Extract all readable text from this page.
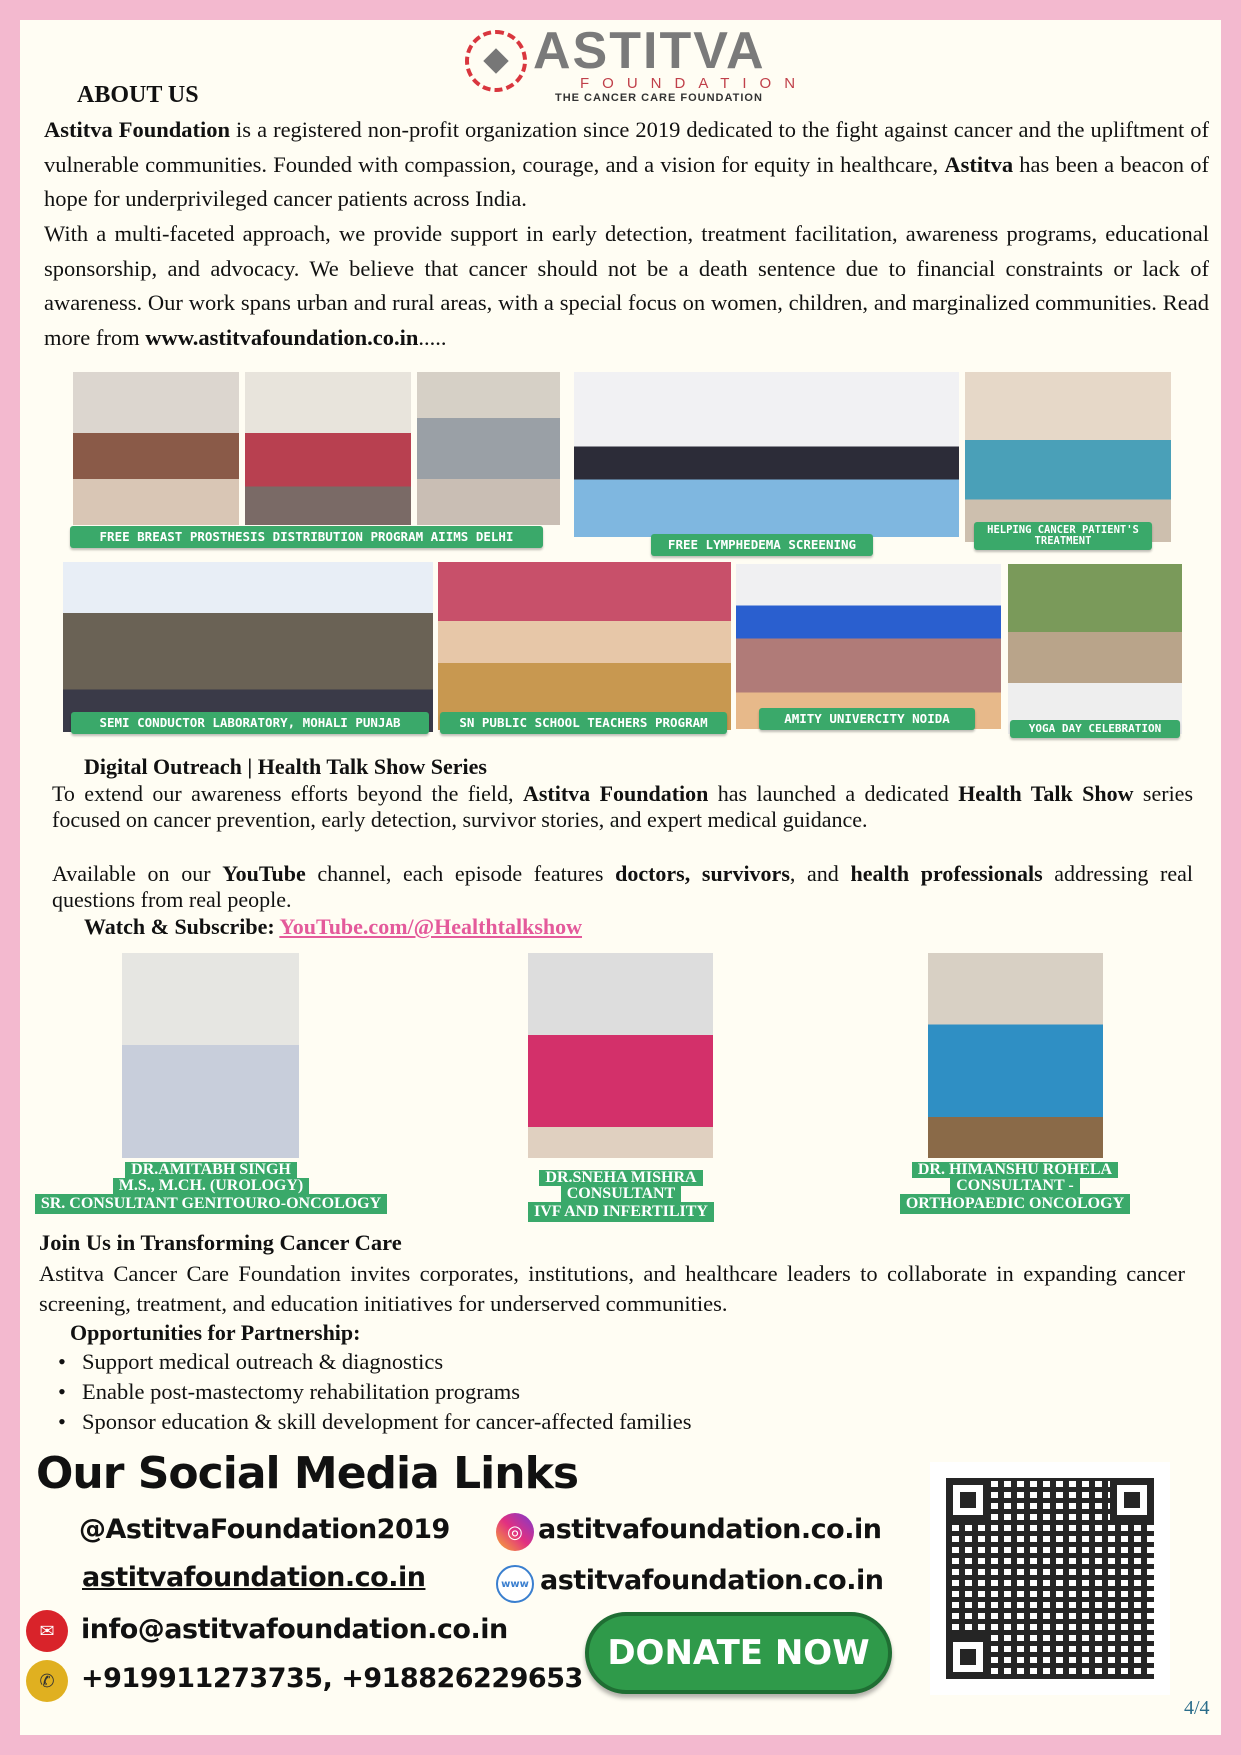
ASTITVA
FOUNDATION
THE CANCER CARE FOUNDATION
ABOUT US
Astitva Foundation is a registered non-profit organization since 2019 dedicated to the fight against cancer and the upliftment of vulnerable communities. Founded with compassion, courage, and a vision for equity in healthcare, Astitva has been a beacon of hope for underprivileged cancer patients across India.
With a multi-faceted approach, we provide support in early detection, treatment facilitation, awareness programs, educational sponsorship, and advocacy. We believe that cancer should not be a death sentence due to financial constraints or lack of awareness. Our work spans urban and rural areas, with a special focus on women, children, and marginalized communities. Read more from www.astitvafoundation.co.in.....
FREE BREAST PROSTHESIS DISTRIBUTION PROGRAM AIIMS DELHI
FREE LYMPHEDEMA SCREENING
HELPING CANCER PATIENT'S TREATMENT
SEMI CONDUCTOR LABORATORY, MOHALI PUNJAB	SN PUBLIC SCHOOL TEACHERS PROGRAM	AMITY UNIVERCITY NOIDA
YOGA DAY CELEBRATION
Digital Outreach | Health Talk Show Series
To extend our awareness efforts beyond the field, Astitva Foundation has launched a dedicated Health Talk Show series focused on cancer prevention, early detection, survivor stories, and expert medical guidance.
Available on our YouTube channel, each episode features doctors, survivors, and health professionals addressing real questions from real people.
Watch & Subscribe: YouTube.com/@Healthtalkshow
DR.AMITABH SINGH
M.S., M.CH. (UROLOGY)
SR. CONSULTANT GENITOURO-ONCOLOGY
DR.SNEHA MISHRA
CONSULTANT
IVF AND INFERTILITY
DR. HIMANSHU ROHELA
CONSULTANT -
ORTHOPAEDIC ONCOLOGY
Join Us in Transforming Cancer Care
Astitva Cancer Care Foundation invites corporates, institutions, and healthcare leaders to collaborate in expanding cancer screening, treatment, and education initiatives for underserved communities.
Opportunities for Partnership:
• Support medical outreach & diagnostics
• Enable post-mastectomy rehabilitation programs
• Sponsor education & skill development for cancer-affected families
Our Social Media Links
@AstitvaFoundation2019	◎ astitvafoundation.co.in
astitvafoundation.co.in	www astitvafoundation.co.in
✉ info@astitvafoundation.co.in
✆ +919911273735, +918826229653
DONATE NOW
4/4
